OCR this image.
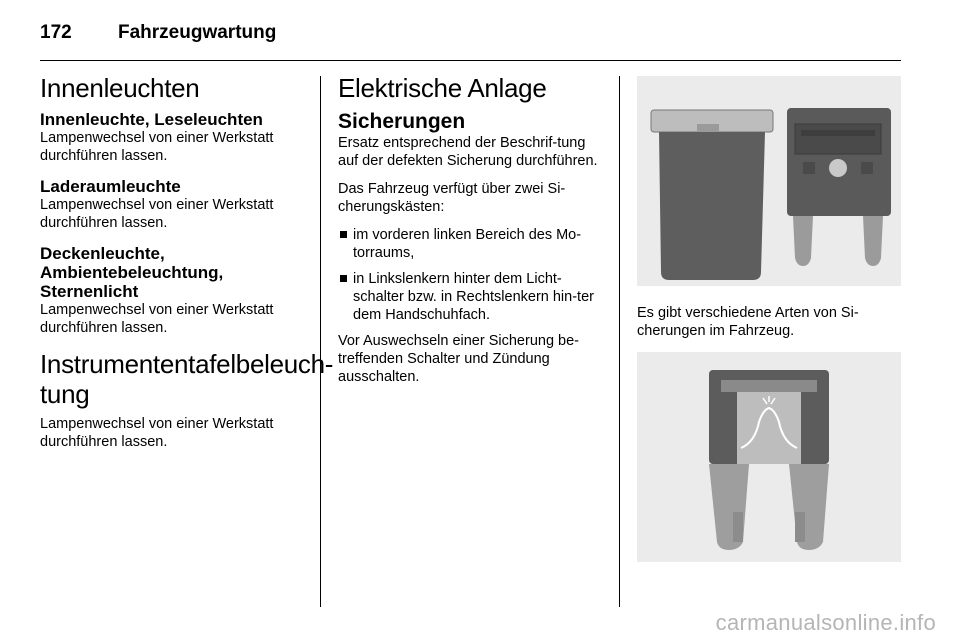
172	Fahrzeugwartung
Innenleuchten
Innenleuchte, Leseleuchten

Lampenwechsel von einer Werkstatt durchführen lassen.

Laderaumleuchte

Lampenwechsel von einer Werkstatt durchführen lassen.

Deckenleuchte,
Ambientebeleuchtung,
Sternenlicht

Lampenwechsel von einer Werkstatt durchführen lassen.

Instrumententafelbeleuch-
tung

Lampenwechsel von einer Werkstatt durchführen lassen.

Elektrische Anlage
Sicherungen

Ersatz entsprechend der Beschrif-tung auf der defekten Sicherung durchführen.

Das Fahrzeug verfügt über zwei Si-cherungskästen:

im vorderen linken Bereich des Mo-torraums,
in Linkslenkern hinter dem Licht-schalter bzw. in Rechtslenkern hin-ter dem Handschuhfach.

Vor Auswechseln einer Sicherung be-treffenden Schalter und Zündung ausschalten.

Es gibt verschiedene Arten von Si-cherungen im Fahrzeug.

carmanualsonline.info
